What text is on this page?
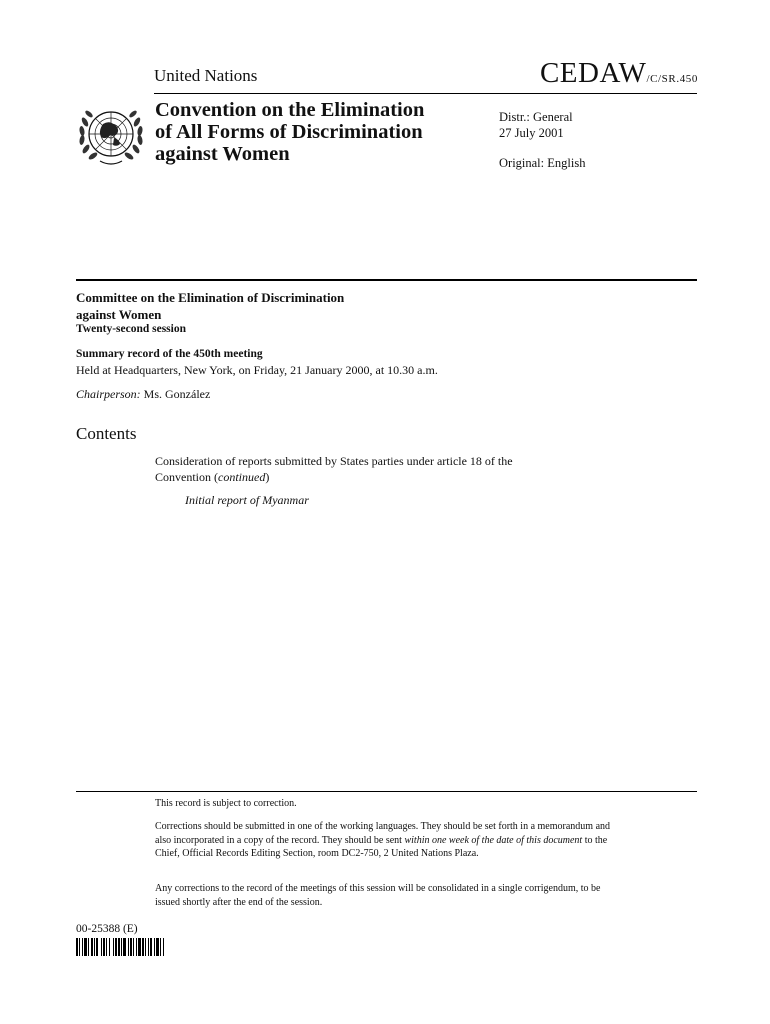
United Nations	CEDAW/C/SR.450
Convention on the Elimination
of All Forms of Discrimination
against Women
Distr.: General
27 July 2001
Original: English
Committee on the Elimination of Discrimination
against Women
Twenty-second session
Summary record of the 450th meeting
Held at Headquarters, New York, on Friday, 21 January 2000, at 10.30 a.m.
Chairperson: Ms. González
Contents
Consideration of reports submitted by States parties under article 18 of the
Convention (continued)
Initial report of Myanmar
This record is subject to correction.
Corrections should be submitted in one of the working languages. They should be set forth in a memorandum and also incorporated in a copy of the record. They should be sent within one week of the date of this document to the Chief, Official Records Editing Section, room DC2-750, 2 United Nations Plaza.
Any corrections to the record of the meetings of this session will be consolidated in a single corrigendum, to be issued shortly after the end of the session.
00-25388 (E)
